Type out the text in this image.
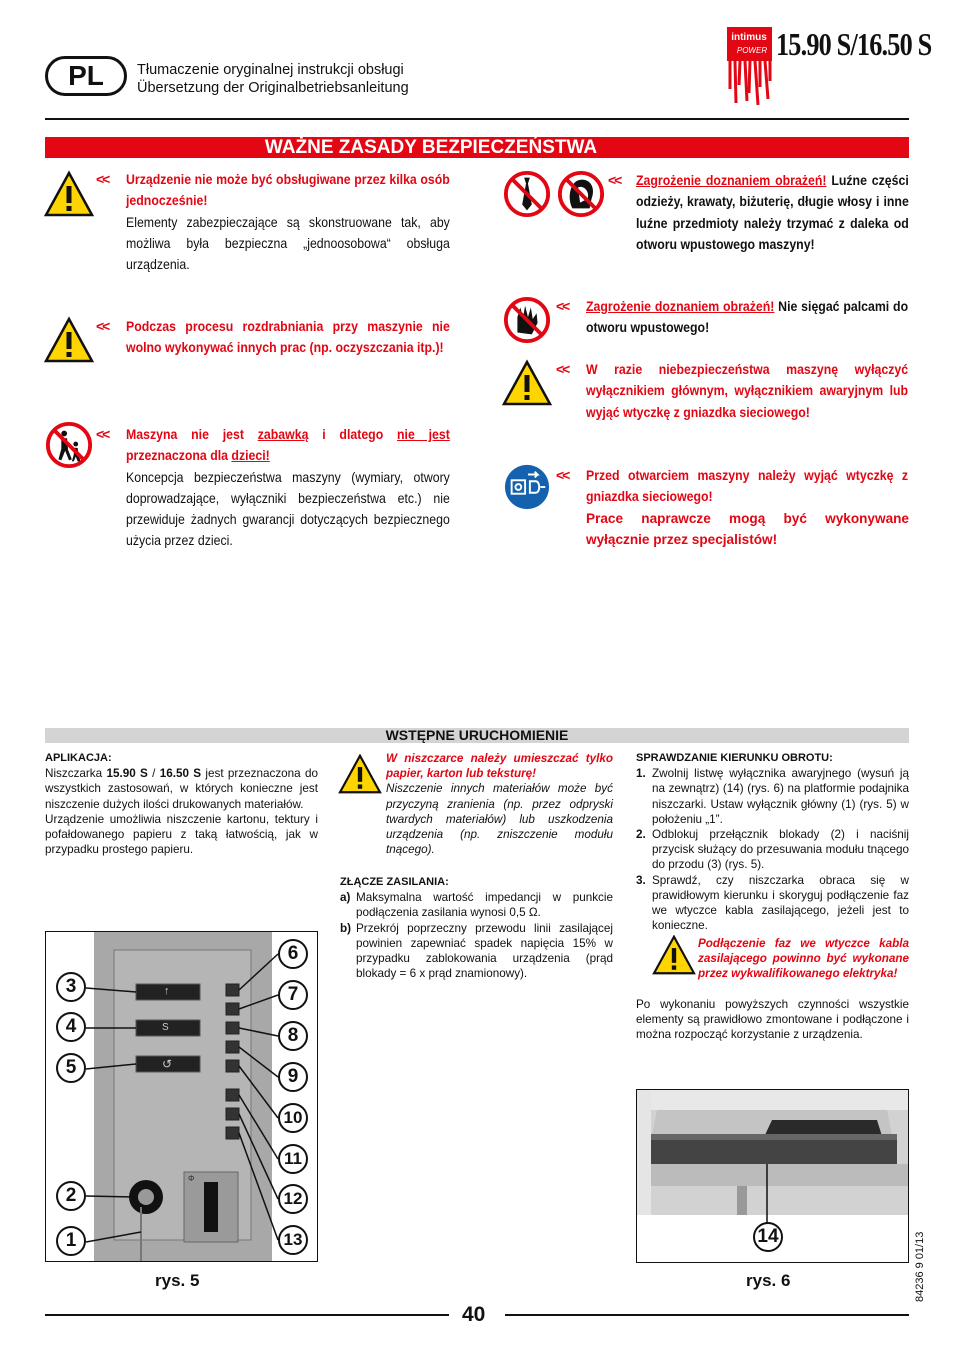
PL	Tłumaczenie oryginalnej instrukcji obsługi
Übersetzung der Originalbetriebsanleitung
intimus
POWER 15.90 S/16.50 S
WAŻNE ZASADY BEZPIECZEŃSTWA
<< Urządzenie nie może być obsługiwane przez kilka osób jednocześnie!

Elementy zabezpieczające są skonstruowane tak, aby możliwa była bezpieczna „jednoosobowa“ obsługa urządzenia.

<< Podczas procesu rozdrabniania przy maszynie nie wolno wykonywać innych prac (np. oczyszczania itp.)!

<< Maszyna nie jest zabawką i dlatego nie jest przeznaczona dla dzieci!

Koncepcja bezpieczeństwa maszyny (wymiary, otwory doprowadzające, wyłączniki bezpieczeństwa etc.) nie przewiduje żadnych gwarancji dotyczących bezpiecznego użycia przez dzieci.

<< Zagrożenie doznaniem obrażeń! Luźne części odzieży, krawaty, biżuterię, długie włosy i inne luźne przedmioty należy trzymać z daleka od otworu wpustowego maszyny!

<< Zagrożenie doznaniem obrażeń! Nie sięgać palcami do otworu wpustowego!

<< W razie niebezpieczeństwa maszynę wyłączyć wyłącznikiem głównym, wyłącznikiem awaryjnym lub wyjąć wtyczkę z gniazdka sieciowego!

<< Przed otwarciem maszyny należy wyjąć wtyczkę z gniazdka sieciowego!

Prace naprawcze mogą być wykonywane wyłącznie przez specjalistów!

WSTĘPNE URUCHOMIENIE

APLIKACJA:

Niszczarka 15.90 S / 16.50 S jest przeznaczona do wszystkich zastosowań, w których konieczne jest niszczenie dużych ilości drukowanych materiałów.

Urządzenie umożliwia niszczenie kartonu, tektury i pofałdowanego papieru z taką łatwością, jak w przypadku prostego papieru.

W niszczarce należy umieszczać tylko papier, karton lub teksturę!

Niszczenie innych materiałów może być przyczyną zranienia (np. przez odpryski twardych materiałów) lub uszkodzenia urządzenia (np. zniszczenie modułu tnącego).

ZŁĄCZE ZASILANIA:

a) Maksymalna wartość impedancji w punkcie podłączenia zasilania wynosi 0,5 Ω.
b) Przekrój poprzeczny przewodu linii zasilającej powinien zapewniać spadek napięcia 15% w przypadku zablokowania urządzenia (prąd blokady = 6 x prąd znamionowy).

SPRAWDZANIE KIERUNKU OBROTU:

1. Zwolnij listwę wyłącznika awaryjnego (wysuń ją na zewnątrz) (14) (rys. 6) na platformie podajnika niszczarki. Ustaw wyłącznik główny (1) (rys. 5) w położeniu „1”.
2. Odblokuj przełącznik blokady (2) i naciśnij przycisk służący do przesuwania modułu tnącego do przodu (3) (rys. 5).
3. Sprawdź, czy niszczarka obraca się w prawidłowym kierunku i skoryguj podłączenie faz we wtyczce kabla zasilającego, jeżeli jest to konieczne.
Podłączenie faz we wtyczce kabla zasilającego powinno być wykonane przez wykwalifikowanego elektryka!
Po wykonaniu powyższych czynności wszystkie elementy są prawidłowo zmontowane i podłączone i można rozpocząć korzystanie z urządzenia.
↑
S
↺
Φ
3
4
5
2
1
6
7
8
9
10
11
12
13
rys. 5
14
rys. 6
40
84236 9 01/13
